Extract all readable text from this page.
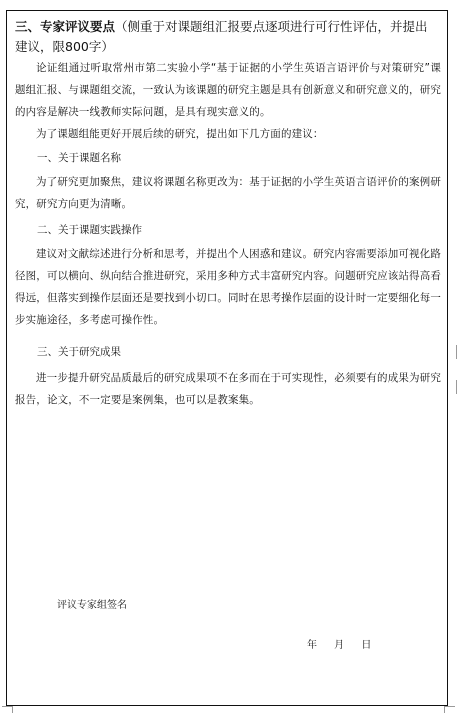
三、专家评议要点（侧重于对课题组汇报要点逐项进行可行性评估，并提出建议，限800字）

论证组通过听取常州市第二实验小学“基于证据的小学生英语言语评价与对策研究”课题组汇报、与课题组交流，一致认为该课题的研究主题是具有创新意义和研究意义的，研究的内容是解决一线教师实际问题，是具有现实意义的。

为了课题组能更好开展后续的研究，提出如下几方面的建议：

一、关于课题名称

为了研究更加聚焦，建议将课题名称更改为：基于证据的小学生英语言语评价的案例研究，研究方向更为清晰。

二、关于课题实践操作

建议对文献综述进行分析和思考，并提出个人困惑和建议。研究内容需要添加可视化路径图，可以横向、纵向结合推进研究，采用多种方式丰富研究内容。问题研究应该站得高看得远，但落实到操作层面还是要找到小切口。同时在思考操作层面的设计时一定要细化每一步实施途径，多考虑可操作性。

三、关于研究成果

进一步提升研究品质最后的研究成果项不在多而在于可实现性，必须要有的成果为研究报告，论文，不一定要是案例集，也可以是教案集。

评议专家组签名

年 月 日
